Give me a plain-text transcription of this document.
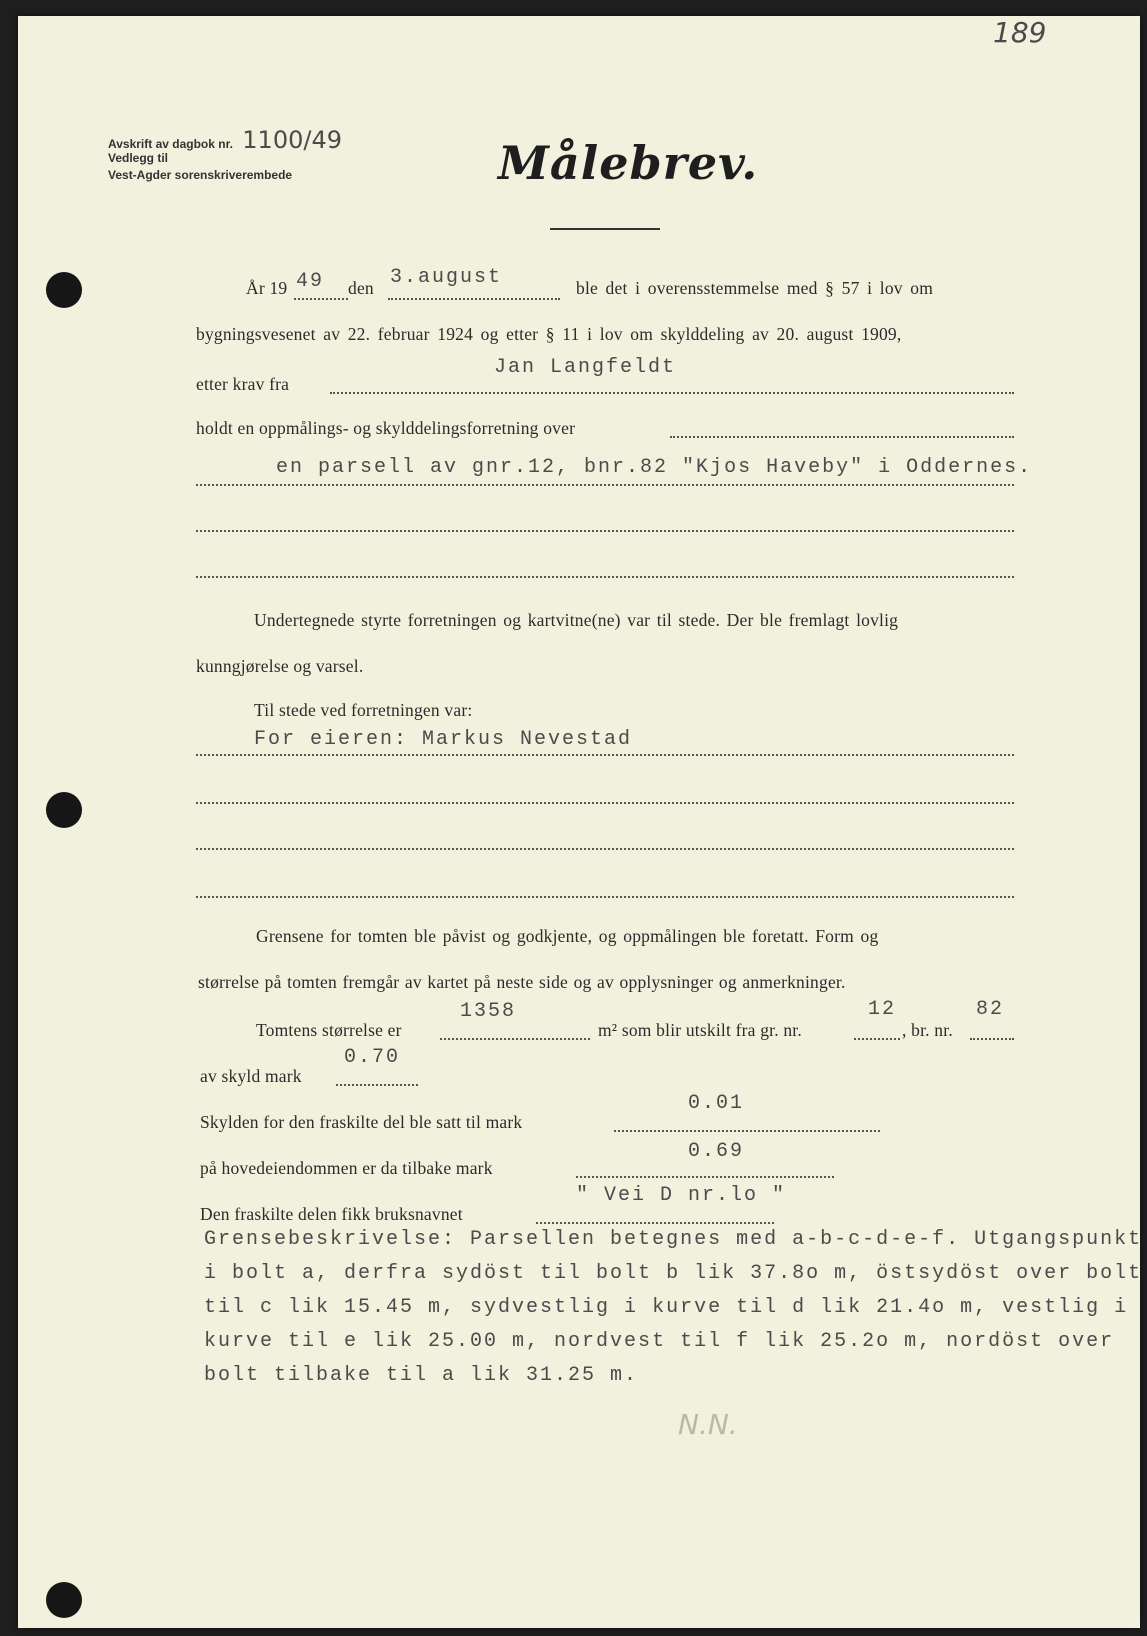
189
Avskrift av dagbok nr. 1100/49
Vedlegg til
Vest-Agder sorenskriverembede	Målebrev.
År 19 49 den 3.august	ble det i overensstemmelse med § 57 i lov om
bygningsvesenet av 22. februar 1924 og etter § 11 i lov om skylddeling av 20. august 1909,
etter krav fra
Jan Langfeldt
holdt en oppmålings- og skylddelingsforretning over
en parsell av gnr.12, bnr.82 "Kjos Haveby" i Oddernes.
Undertegnede styrte forretningen og kartvitne(ne) var til stede. Der ble fremlagt lovlig
kunngjørelse og varsel.
Til stede ved forretningen var:
For eieren: Markus Nevestad
Grensene for tomten ble påvist og godkjente, og oppmålingen ble foretatt. Form og
størrelse på tomten fremgår av kartet på neste side og av opplysninger og anmerkninger.
Tomtens størrelse er
1358
m² som blir utskilt fra gr. nr.
12
, br. nr.
82
av skyld mark
0.70
Skylden for den fraskilte del ble satt til mark
0.01
på hovedeiendommen er da tilbake mark
0.69
Den fraskilte delen fikk bruksnavnet
" Vei D nr.lo "
Grensebeskrivelse: Parsellen betegnes med a-b-c-d-e-f. Utgangspunkt
i bolt a, derfra sydöst til bolt b lik 37.8o m, östsydöst over bolt
til c lik 15.45 m, sydvestlig i kurve til d lik 21.4o m, vestlig i
kurve til e lik 25.00 m, nordvest til f lik 25.2o m, nordöst over
bolt tilbake til a lik 31.25 m.
N.N.
